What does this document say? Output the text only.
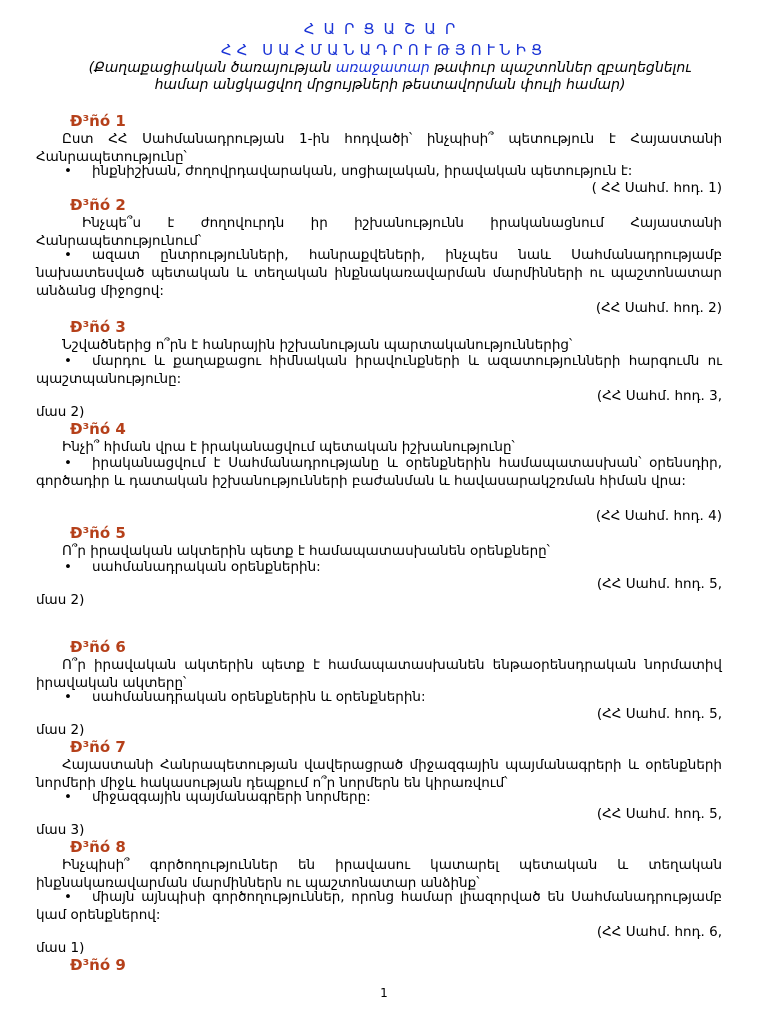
ՀԱՐՑԱՇԱՐ
ՀՀ ՍԱՀՄԱՆԱԴՐՈՒԹՅՈՒՆԻՑ
(Քաղաքացիական ծառայության առաջատար թափուր պաշտոններ զբաղեցնելու համար անցկացվող մրցույթների թեստավորման փուլի համար)
Ð³ñó 1
Ըստ ՀՀ Սահմանադրության 1-ին հոդվածի՝ ինչպիսի՞ պետություն է Հայաստանի Հանրապետությունը՝
• ինքնիշխան, ժողովրդավարական, սոցիալական, իրավական պետություն է:
( ՀՀ Սահմ. հոդ. 1)
Ð³ñó 2
Ինչպե՞ս է ժողովուրդն իր իշխանությունն իրականացնում Հայաստանի Հանրապետությունում՝
• ազատ ընտրությունների, հանրաքվեների, ինչպես նաև Սահմանադրությամբ նախատեսված պետական և տեղական ինքնակառավարման մարմինների ու պաշտոնատար անձանց միջոցով:
(ՀՀ Սահմ. հոդ. 2)
Ð³ñó 3
Նշվածներից ո՞րն է հանրային իշխանության պարտականություններից՝
• մարդու և քաղաքացու հիմնական իրավունքների և ազատությունների հարգումն ու պաշտպանությունը:
(ՀՀ Սահմ. հոդ. 3,
մաս 2)
Ð³ñó 4
Ինչի՞ հիման վրա է իրականացվում պետական իշխանությունը՝
• իրականացվում է Սահմանադրությանը և օրենքներին համապատասխան՝ օրենսդիր, գործադիր և դատական իշխանությունների բաժանման և հավասարակշռման հիման վրա:
(ՀՀ Սահմ. հոդ. 4)
Ð³ñó 5
Ո՞ր իրավական ակտերին պետք է համապատասխանեն օրենքները՝
• սահմանադրական օրենքներին:
(ՀՀ Սահմ. հոդ. 5,
մաս 2)
Ð³ñó 6
Ո՞ր իրավական ակտերին պետք է համապատասխանեն ենթաօրենսդրական նորմատիվ իրավական ակտերը՝
• սահմանադրական օրենքներին և օրենքներին:
(ՀՀ Սահմ. հոդ. 5,
մաս 2)
Ð³ñó 7
Հայաստանի Հանրապետության վավերացրած միջազգային պայմանագրերի և օրենքների նորմերի միջև հակասության դեպքում ո՞ր նորմերն են կիրառվում՝
• միջազգային պայմանագրերի նորմերը:
(ՀՀ Սահմ. հոդ. 5,
մաս 3)
Ð³ñó 8
Ինչպիսի՞ գործողություններ են իրավասու կատարել պետական և տեղական ինքնակառավարման մարմիններն ու պաշտոնատար անձինք՝
• միայն այնպիսի գործողություններ, որոնց համար լիազորված են Սահմանադրությամբ կամ օրենքներով:
(ՀՀ Սահմ. հոդ. 6,
մաս 1)
Ð³ñó 9
1
